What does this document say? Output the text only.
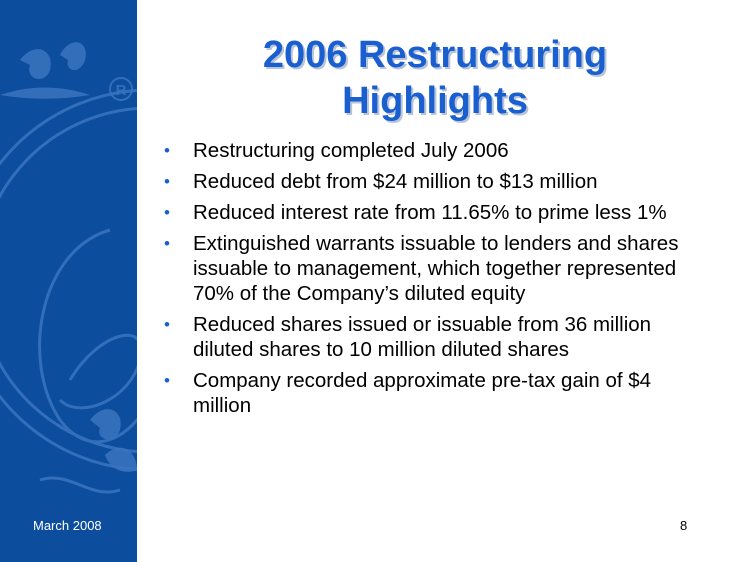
R
March 2008
2006 Restructuring Highlights
• Restructuring completed July 2006
• Reduced debt from $24 million to $13 million
• Reduced interest rate from 11.65% to prime less 1%
• Extinguished warrants issuable to lenders and shares issuable to management, which together represented 70% of the Company’s diluted equity
• Reduced shares issued or issuable from 36 million diluted shares to 10 million diluted shares
• Company recorded approximate pre-tax gain of $4 million
8
